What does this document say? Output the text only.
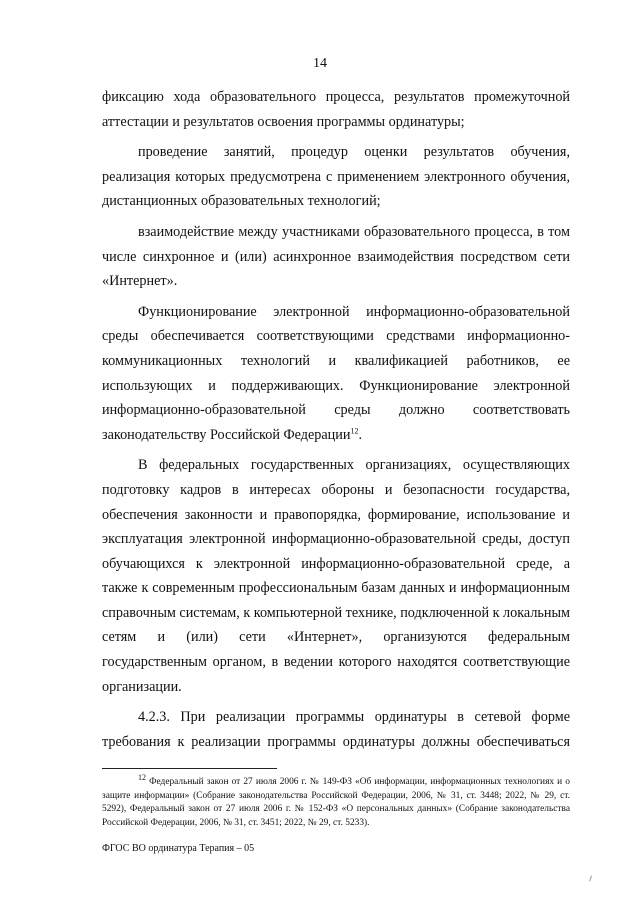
14

фиксацию хода образовательного процесса, результатов промежуточной аттестации и результатов освоения программы ординатуры;

проведение занятий, процедур оценки результатов обучения, реализация которых предусмотрена с применением электронного обучения, дистанционных образовательных технологий;

взаимодействие между участниками образовательного процесса, в том числе синхронное и (или) асинхронное взаимодействия посредством сети «Интернет».

Функционирование электронной информационно-образовательной среды обеспечивается соответствующими средствами информационно-коммуникационных технологий и квалификацией работников, ее использующих и поддерживающих. Функционирование электронной информационно-образовательной среды должно соответствовать законодательству Российской Федерации$^{12}$.

В федеральных государственных организациях, осуществляющих подготовку кадров в интересах обороны и безопасности государства, обеспечения законности и правопорядка, формирование, использование и эксплуатация электронной информационно-образовательной среды, доступ обучающихся к электронной информационно-образовательной среде, а также к современным профессиональным базам данных и информационным справочным системам, к компьютерной технике, подключенной к локальным сетям и (или) сети «Интернет», организуются федеральным государственным органом, в ведении которого находятся соответствующие организации.

4.2.3. При реализации программы ординатуры в сетевой форме требования к реализации программы ординатуры должны обеспечиваться

$^{12}$ Федеральный закон от 27 июля 2006 г. № 149-ФЗ «Об информации, информационных технологиях и о защите информации» (Собрание законодательства Российской Федерации, 2006, № 31, ст. 3448; 2022, № 29, ст. 5292), Федеральный закон от 27 июля 2006 г. № 152-ФЗ «О персональных данных» (Собрание законодательства Российской Федерации, 2006, № 31, ст. 3451; 2022, № 29, ст. 5233).
ФГОС ВО ординатура Терапия – 05
